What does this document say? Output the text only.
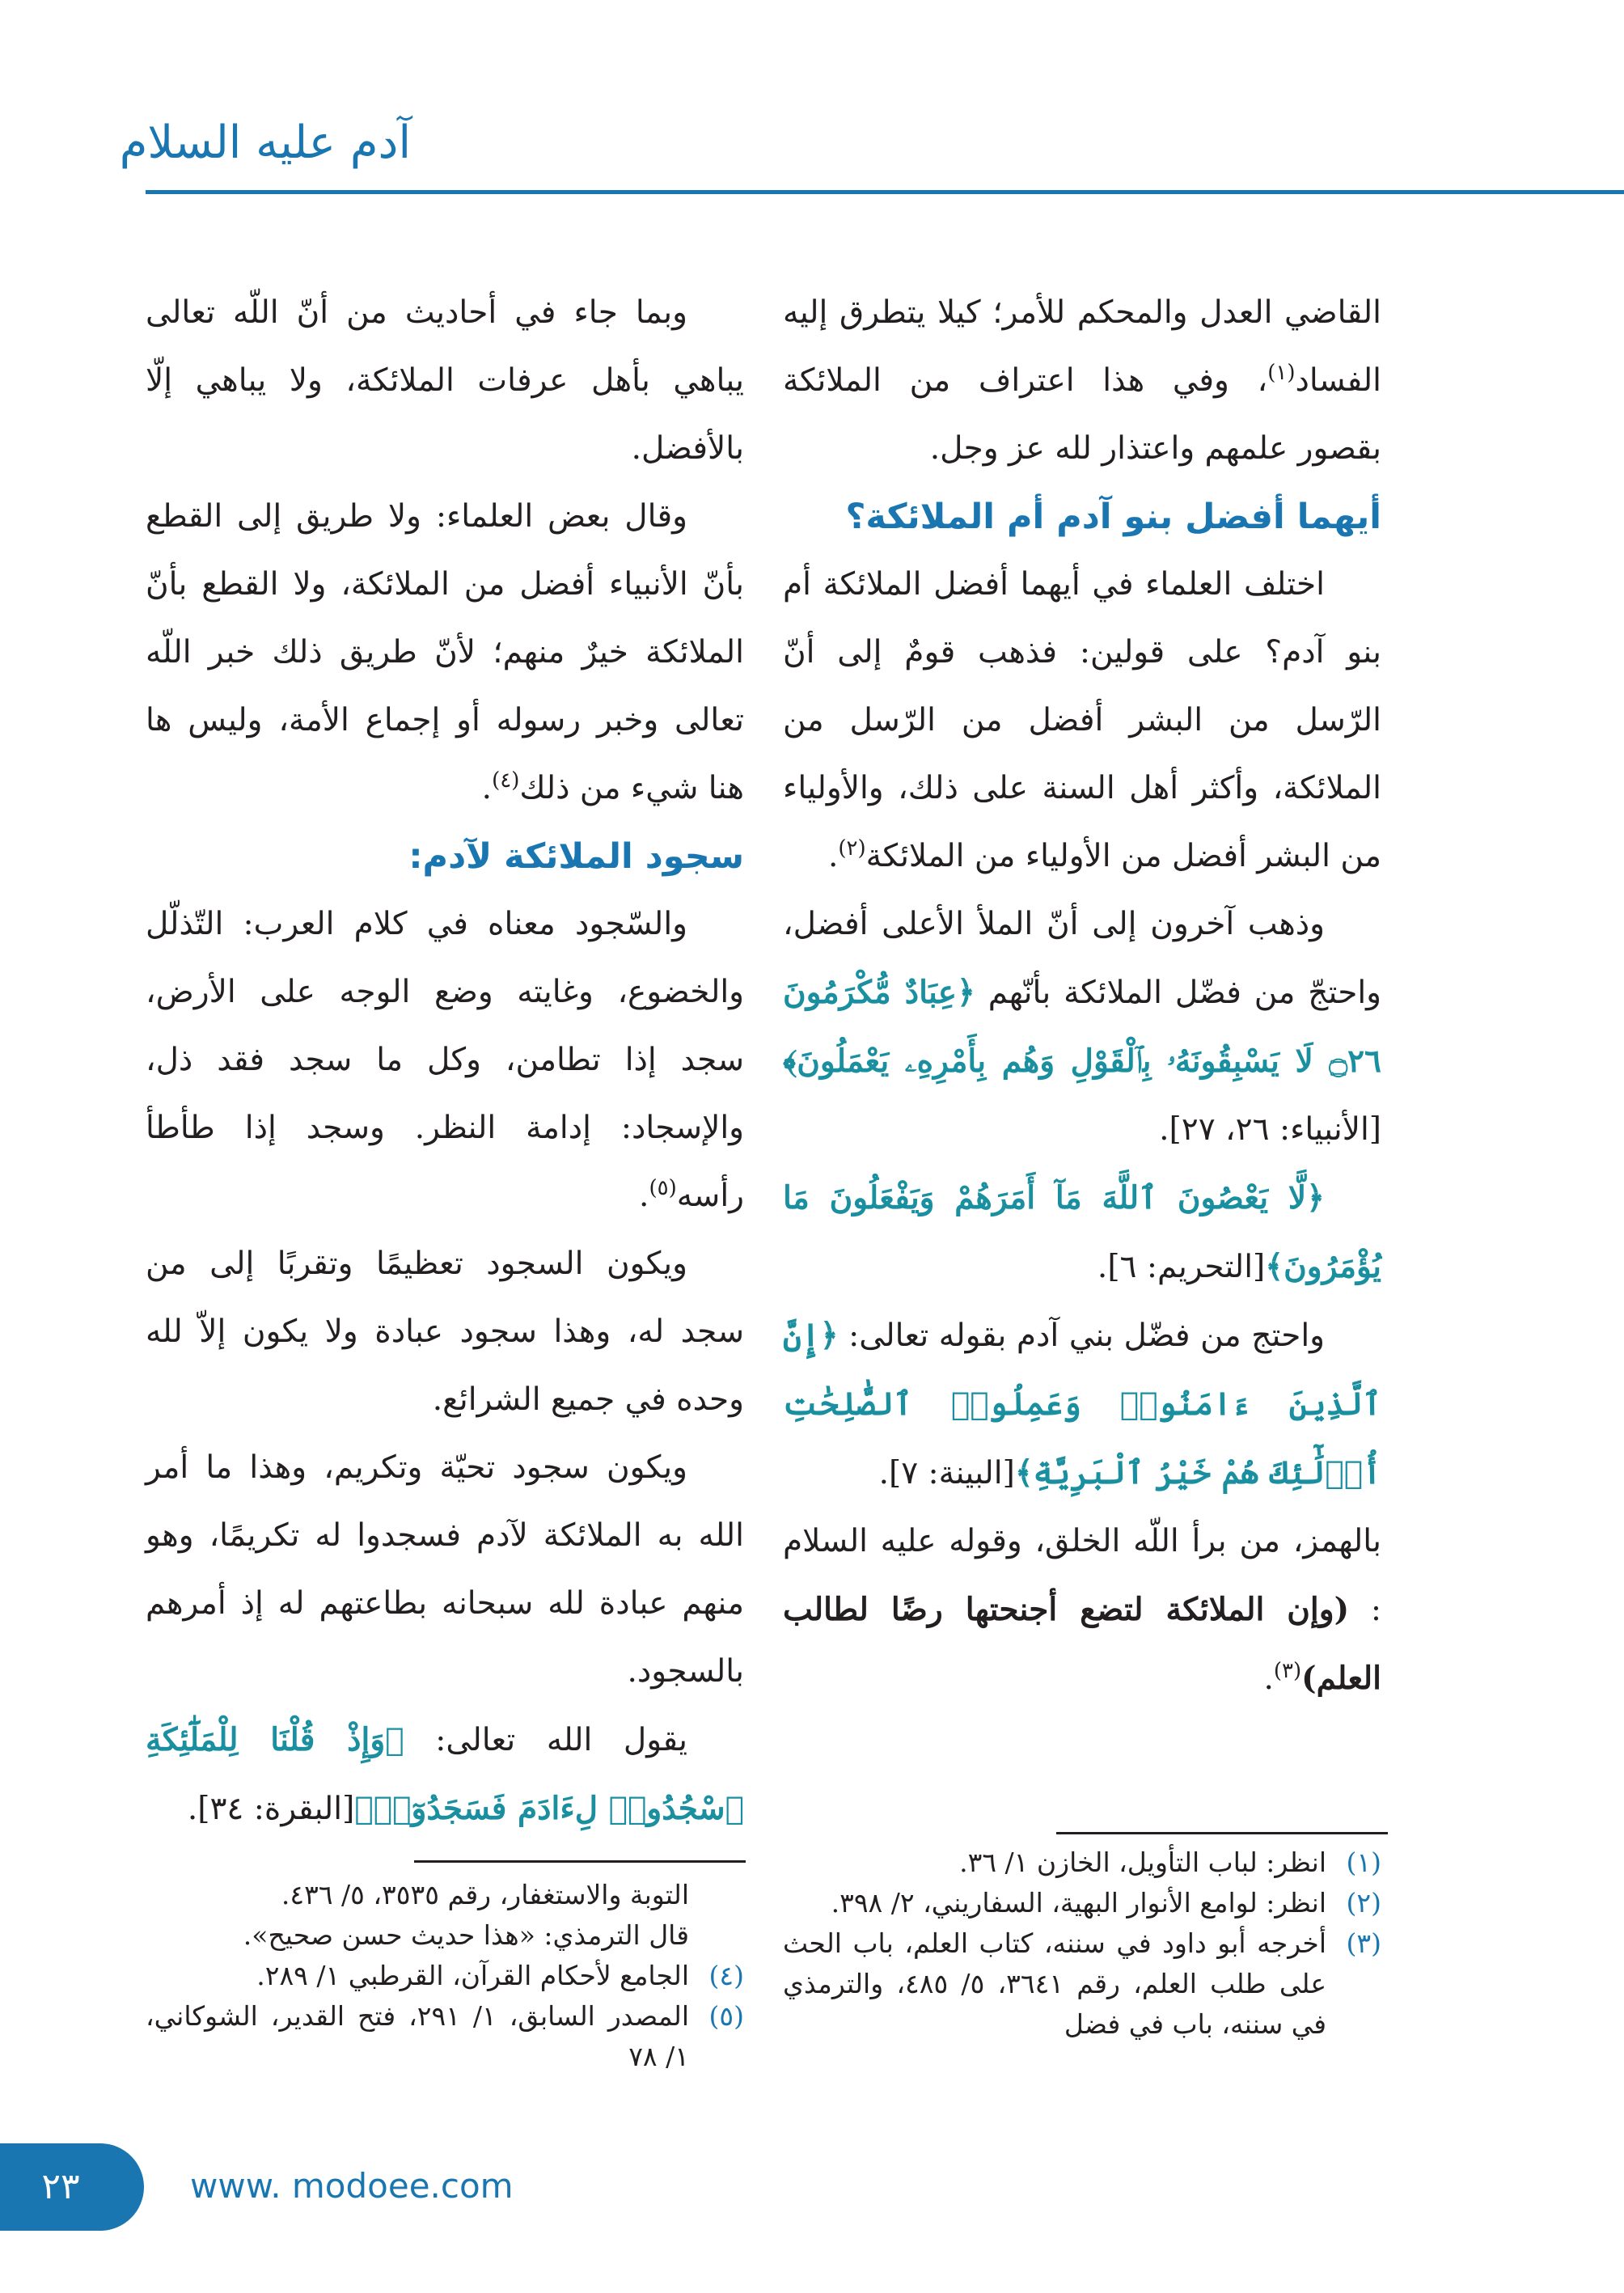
آدم عليه السلام

القاضي العدل والمحكم للأمر؛ كيلا يتطرق إليه الفساد$^{(١)}$، وفي هذا اعتراف من الملائكة بقصور علمهم واعتذار لله عز وجل.

أيهما أفضل بنو آدم أم الملائكة؟

اختلف العلماء في أيهما أفضل الملائكة أم بنو آدم؟ على قولين: فذهب قومٌ إلى أنّ الرّسل من البشر أفضل من الرّسل من الملائكة، وأكثر أهل السنة على ذلك، والأولياء من البشر أفضل من الأولياء من الملائكة$^{(٢)}$.

وذهب آخرون إلى أنّ الملأ الأعلى أفضل، واحتجّ من فضّل الملائكة بأنّهم ﴿عِبَادٌ مُّكْرَمُونَ ۝٢٦ لَا يَسْبِقُونَهُۥ بِٱلْقَوْلِ وَهُم بِأَمْرِهِۦ يَعْمَلُونَ﴾[الأنبياء: ٢٦، ٢٧].

﴿لَّا يَعْصُونَ ٱللَّهَ مَآ أَمَرَهُمْ وَيَفْعَلُونَ مَا يُؤْمَرُونَ﴾[التحريم: ٦].

واحتج من فضّل بني آدم بقوله تعالى: ﴿إِنَّ ٱلَّذِينَ ءَامَنُوا۟ وَعَمِلُوا۟ ٱلصَّٰلِحَٰتِ أُو۟لَٰٓئِكَ هُمْ خَيْرُ ٱلْبَرِيَّةِ﴾[البينة: ٧].

بالهمز، من برأ اللّه الخلق، وقوله عليه السلام : (وإن الملائكة لتضع أجنحتها رضًا لطالب العلم)$^{(٣)}$.

وبما جاء في أحاديث من أنّ اللّه تعالى يباهي بأهل عرفات الملائكة، ولا يباهي إلّا بالأفضل.

وقال بعض العلماء: ولا طريق إلى القطع بأنّ الأنبياء أفضل من الملائكة، ولا القطع بأنّ الملائكة خيرٌ منهم؛ لأنّ طريق ذلك خبر اللّه تعالى وخبر رسوله أو إجماع الأمة، وليس ها هنا شيء من ذلك$^{(٤)}$.

سجود الملائكة لآدم:

والسّجود معناه في كلام العرب: التّذلّل والخضوع، وغايته وضع الوجه على الأرض، سجد إذا تطامن، وكل ما سجد فقد ذل، والإسجاد: إدامة النظر. وسجد إذا طأطأ رأسه$^{(٥)}$.

ويكون السجود تعظيمًا وتقربًا إلى من سجد له، وهذا سجود عبادة ولا يكون إلاّ لله وحده في جميع الشرائع.

ويكون سجود تحيّة وتكريم، وهذا ما أمر الله به الملائكة لآدم فسجدوا له تكريمًا، وهو منهم عبادة لله سبحانه بطاعتهم له إذ أمرهم بالسجود.

يقول الله تعالى: ﴿وَإِذْ قُلْنَا لِلْمَلَٰٓئِكَةِ ٱسْجُدُوا۟ لِءَادَمَ فَسَجَدُوٓا۟﴾[البقرة: ٣٤].

(١)
انظر: لباب التأويل، الخازن ١/ ٣٦.
(٢)
انظر: لوامع الأنوار البهية، السفاريني، ٢/ ٣٩٨.
(٣)
أخرجه أبو داود في سننه، كتاب العلم، باب الحث على طلب العلم، رقم ٣٦٤١، ٥/ ٤٨٥، والترمذي في سننه، باب في فضل
التوبة والاستغفار، رقم ٣٥٣٥، ٥/ ٤٣٦.
قال الترمذي: «هذا حديث حسن صحيح».
(٤)
الجامع لأحكام القرآن، القرطبي ١/ ٢٨٩.
(٥)
المصدر السابق، ١/ ٢٩١، فتح القدير، الشوكاني، ١/ ٧٨
٢٣	www. modoee.com
